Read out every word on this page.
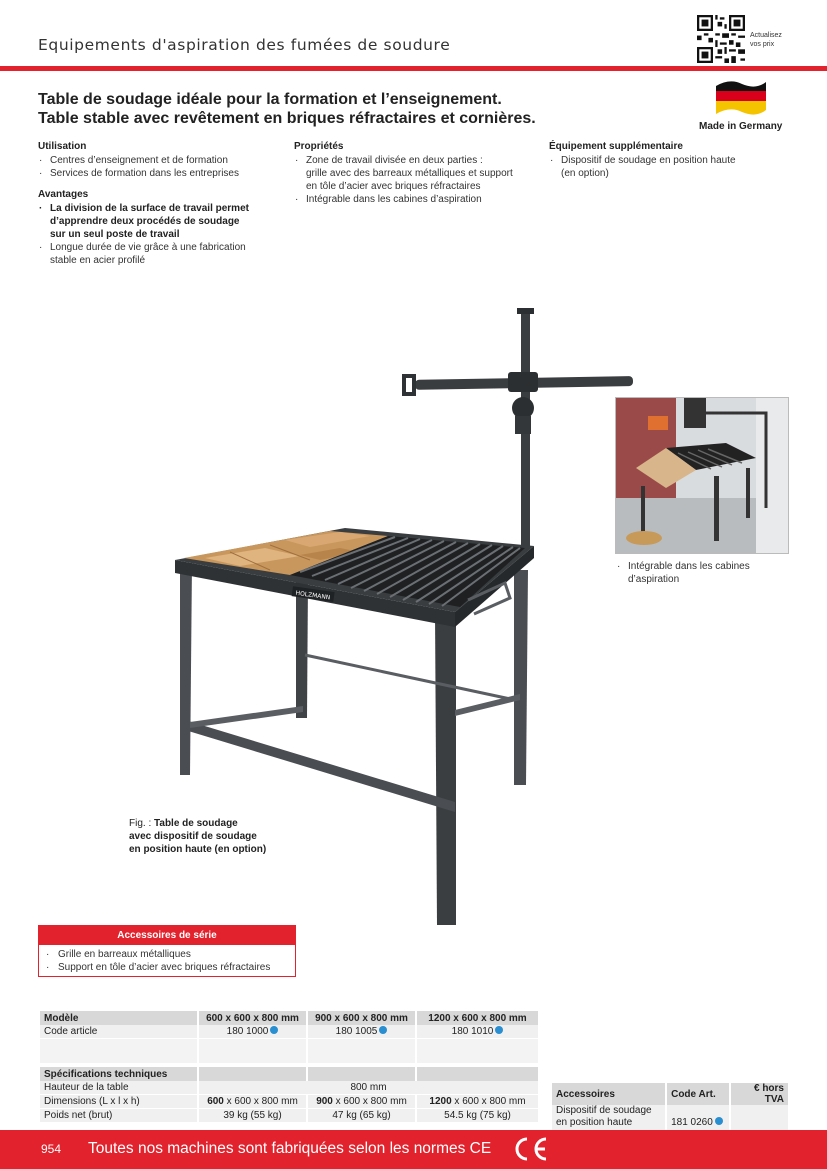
Equipements d'aspiration des fumées de soudure
Actualisez
vos prix
Made in Germany
Table de soudage idéale pour la formation et l’enseignement.
Table stable avec revêtement en briques réfractaires et cornières.
Utilisation
· Centres d’enseignement et de formation
· Services de formation dans les entreprises
Avantages
· La division de la surface de travail permet
d’apprendre deux procédés de soudage
sur un seul poste de travail
· Longue durée de vie grâce à une fabrication
stable en acier profilé
Propriétés
· Zone de travail divisée en deux parties :
grille avec des barreaux métalliques et support
en tôle d’acier avec briques réfractaires
· Intégrable dans les cabines d’aspiration
Équipement supplémentaire
· Dispositif de soudage en position haute
(en option)
HOLZMANN
· Intégrable dans les cabines
d’aspiration
Fig. : Table de soudage
avec dispositif de soudage
en position haute (en option)
Accessoires de série
· Grille en barreaux métalliques
· Support en tôle d’acier avec briques réfractaires
Modèle	600 x 600 x 800 mm	900 x 600 x 800 mm	1200 x 600 x 800 mm
Code article	180 1000	180 1005	180 1010

Spécifications techniques			
Hauteur de la table	800 mm		
Dimensions (L x l x h)	600 x 600 x 800 mm	900 x 600 x 800 mm	1200 x 600 x 800 mm
Poids net (brut)	39 kg (55 kg)	47 kg (65 kg)	54.5 kg (75 kg)
Accessoires	Code Art.	€ hors TVA

Dispositif de soudage
en position haute	181 0260	
954 Toutes nos machines sont fabriquées selon les normes CE
